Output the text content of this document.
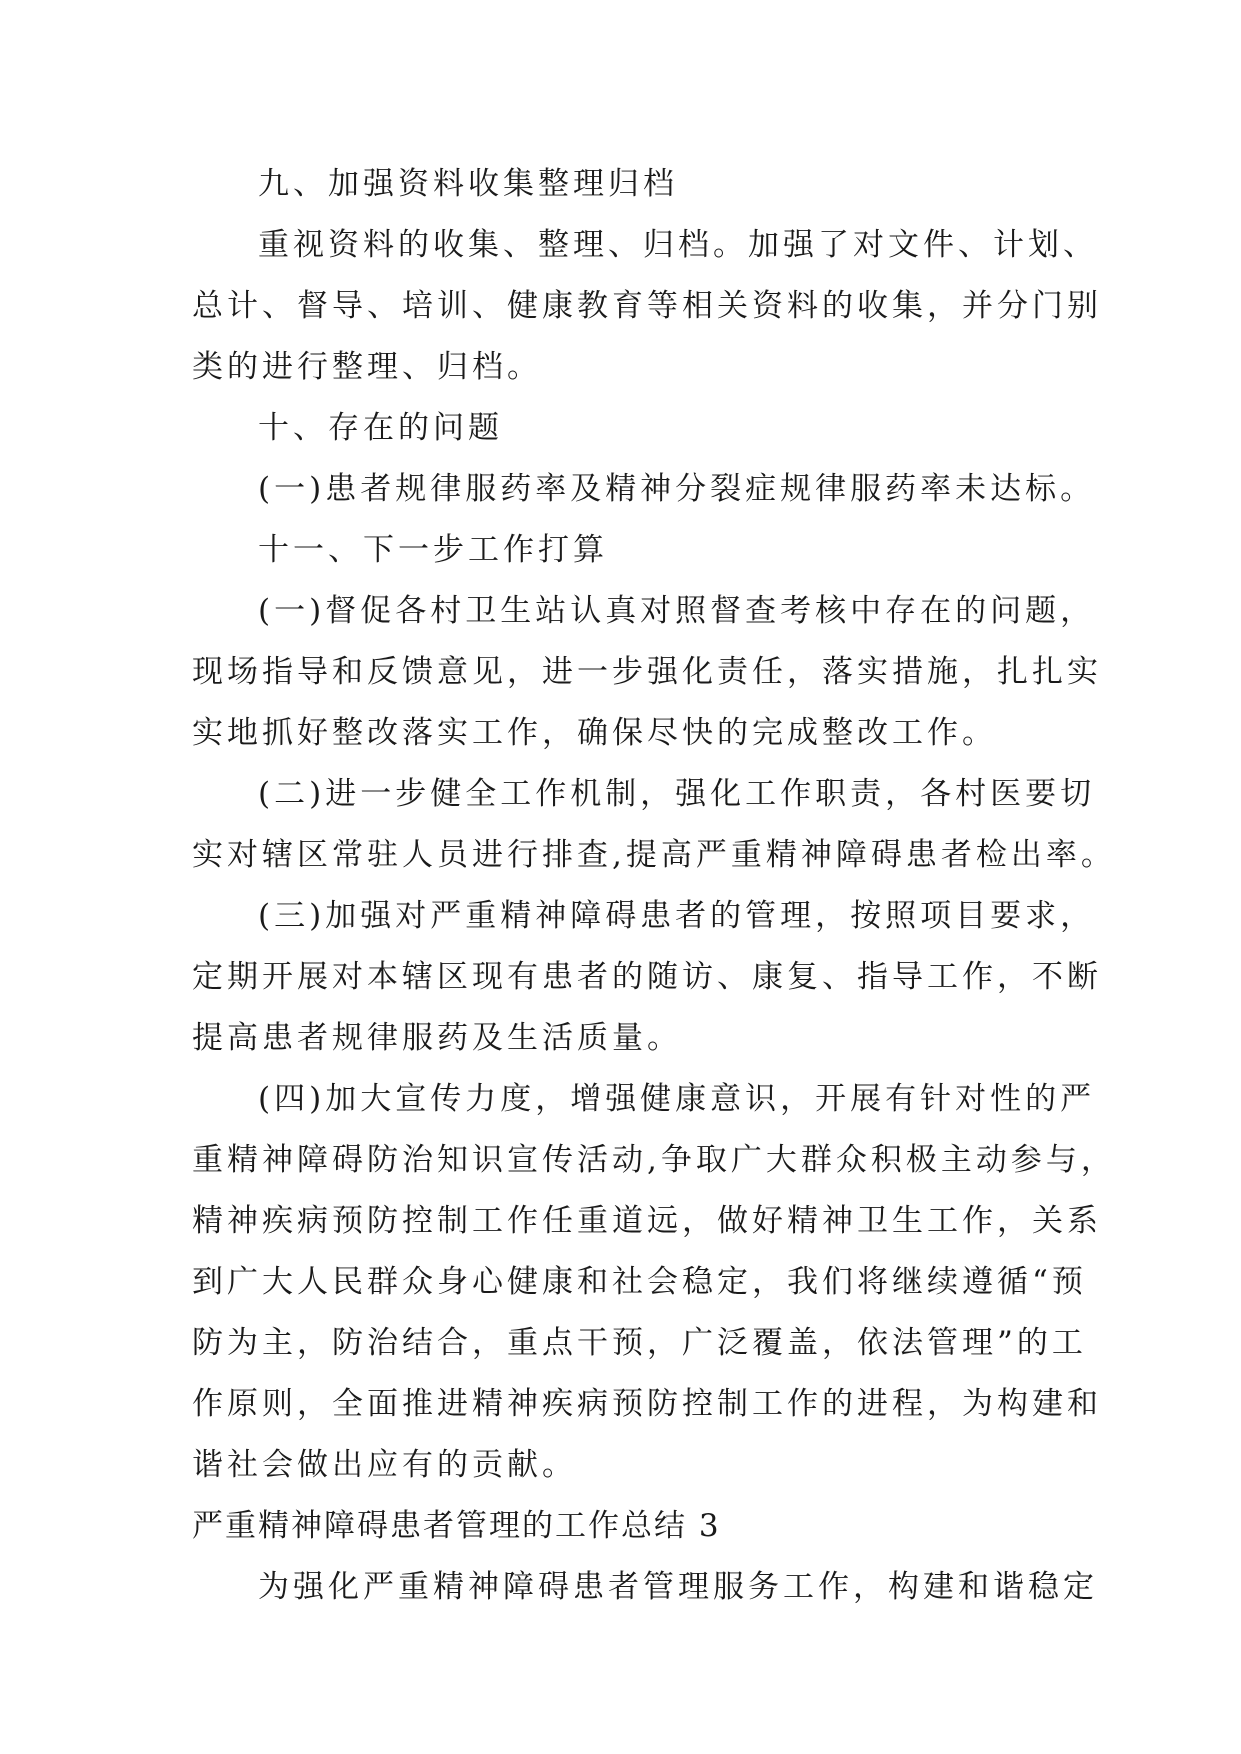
九、加强资料收集整理归档

重视资料的收集、整理、归档。加强了对文件、计划、

总计、督导、培训、健康教育等相关资料的收集，并分门别

类的进行整理、归档。

十、存在的问题

(一)患者规律服药率及精神分裂症规律服药率未达标。

十一、下一步工作打算

(一)督促各村卫生站认真对照督查考核中存在的问题，

现场指导和反馈意见，进一步强化责任，落实措施，扎扎实

实地抓好整改落实工作，确保尽快的完成整改工作。

(二)进一步健全工作机制，强化工作职责，各村医要切

实对辖区常驻人员进行排查,提高严重精神障碍患者检出率。

(三)加强对严重精神障碍患者的管理，按照项目要求，

定期开展对本辖区现有患者的随访、康复、指导工作，不断

提高患者规律服药及生活质量。

(四)加大宣传力度，增强健康意识，开展有针对性的严

重精神障碍防治知识宣传活动,争取广大群众积极主动参与，

精神疾病预防控制工作任重道远，做好精神卫生工作，关系

到广大人民群众身心健康和社会稳定，我们将继续遵循“预

防为主，防治结合，重点干预，广泛覆盖，依法管理”的工

作原则，全面推进精神疾病预防控制工作的进程，为构建和

谐社会做出应有的贡献。

严重精神障碍患者管理的工作总结 3

为强化严重精神障碍患者管理服务工作，构建和谐稳定
